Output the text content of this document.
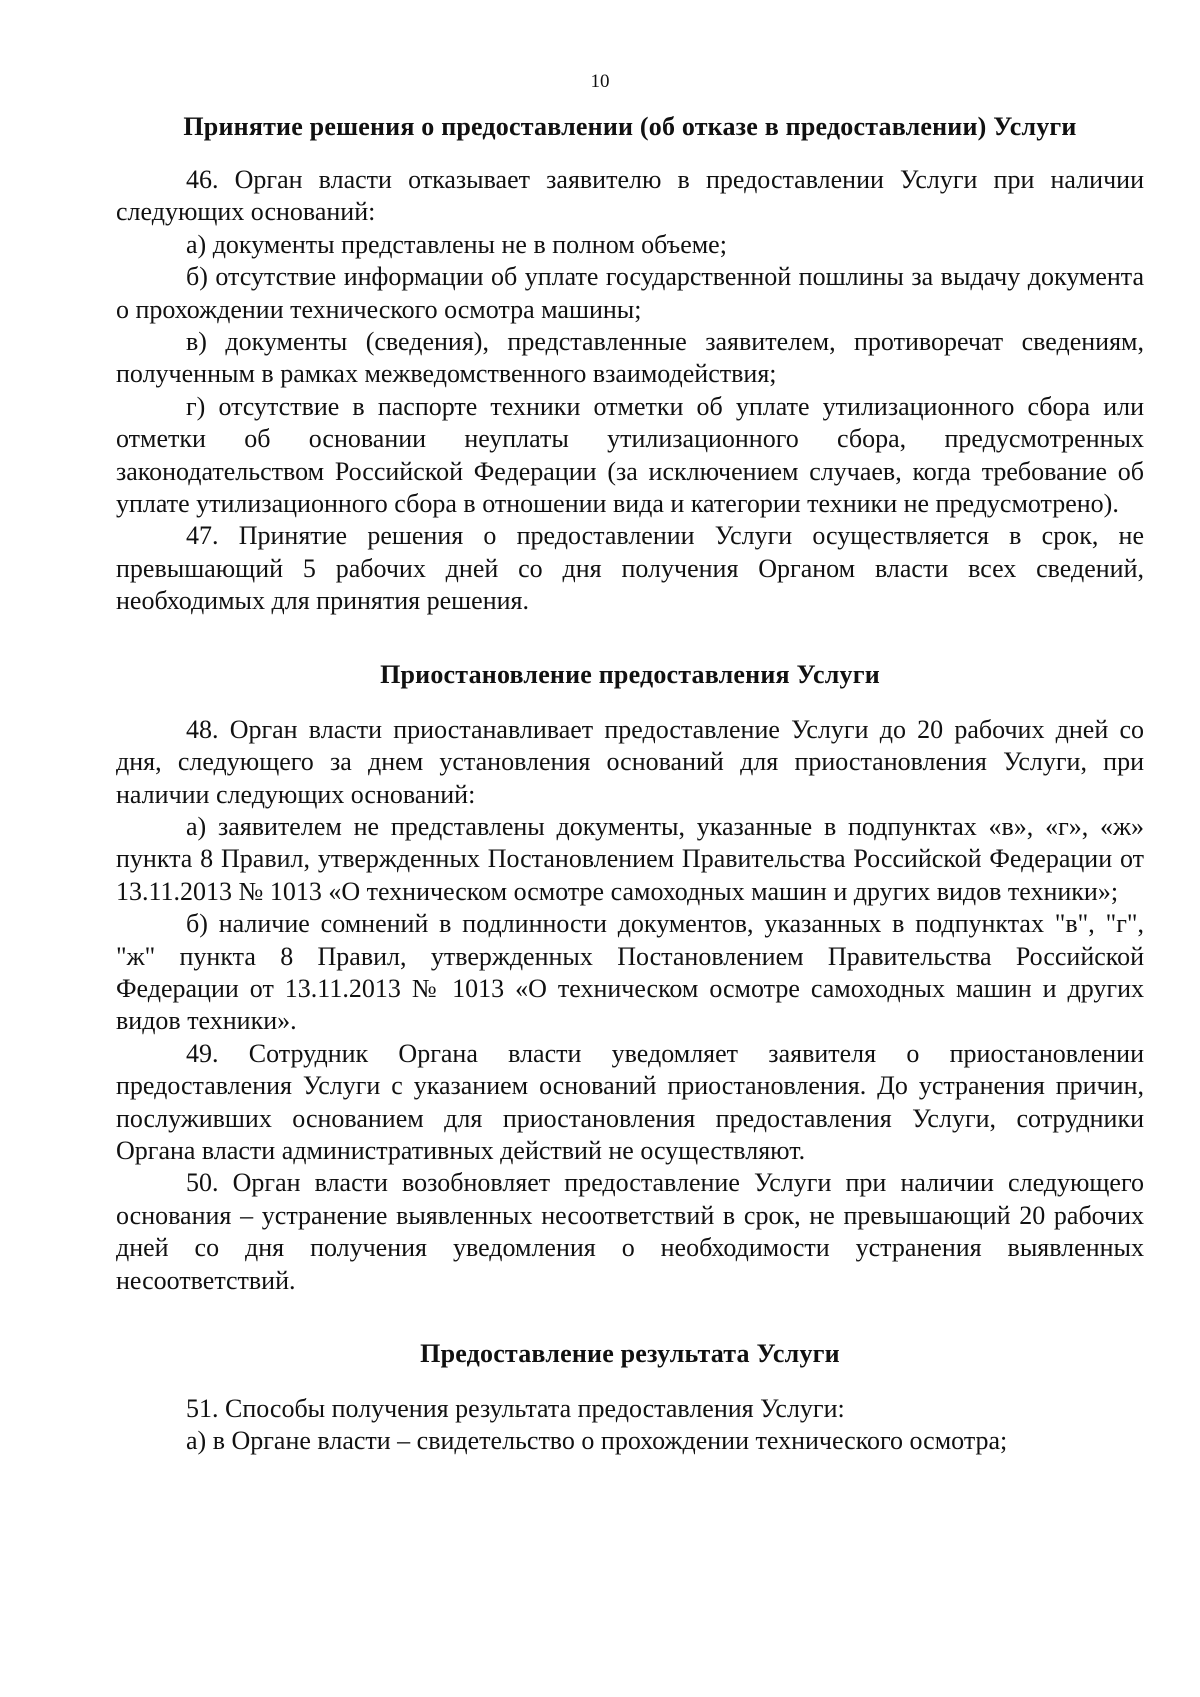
10
Принятие решения о предоставлении (об отказе в предоставлении) Услуги

46. Орган власти отказывает заявителю в предоставлении Услуги при наличии следующих оснований:

а) документы представлены не в полном объеме;

б) отсутствие информации об уплате государственной пошлины за выдачу документа о прохождении технического осмотра машины;

в) документы (сведения), представленные заявителем, противоречат сведениям, полученным в рамках межведомственного взаимодействия;

г) отсутствие в паспорте техники отметки об уплате утилизационного сбора или отметки об основании неуплаты утилизационного сбора, предусмотренных законодательством Российской Федерации (за исключением случаев, когда требование об уплате утилизационного сбора в отношении вида и категории техники не предусмотрено).

47. Принятие решения о предоставлении Услуги осуществляется в срок, не превышающий 5 рабочих дней со дня получения Органом власти всех сведений, необходимых для принятия решения.

Приостановление предоставления Услуги

48. Орган власти приостанавливает предоставление Услуги до 20 рабочих дней со дня, следующего за днем установления оснований для приостановления Услуги, при наличии следующих оснований:

а) заявителем не представлены документы, указанные в подпунктах «в», «г», «ж» пункта 8 Правил, утвержденных Постановлением Правительства Российской Федерации от 13.11.2013 № 1013 «О техническом осмотре самоходных машин и других видов техники»;

б) наличие сомнений в подлинности документов, указанных в подпунктах "в", "г", "ж" пункта 8 Правил, утвержденных Постановлением Правительства Российской Федерации от 13.11.2013 № 1013 «О техническом осмотре самоходных машин и других видов техники».

49. Сотрудник Органа власти уведомляет заявителя о приостановлении предоставления Услуги с указанием оснований приостановления. До устранения причин, послуживших основанием для приостановления предоставления Услуги, сотрудники Органа власти административных действий не осуществляют.

50. Орган власти возобновляет предоставление Услуги при наличии следующего основания – устранение выявленных несоответствий в срок, не превышающий 20 рабочих дней со дня получения уведомления о необходимости устранения выявленных несоответствий.

Предоставление результата Услуги

51. Способы получения результата предоставления Услуги:

а) в Органе власти – свидетельство о прохождении технического осмотра;
